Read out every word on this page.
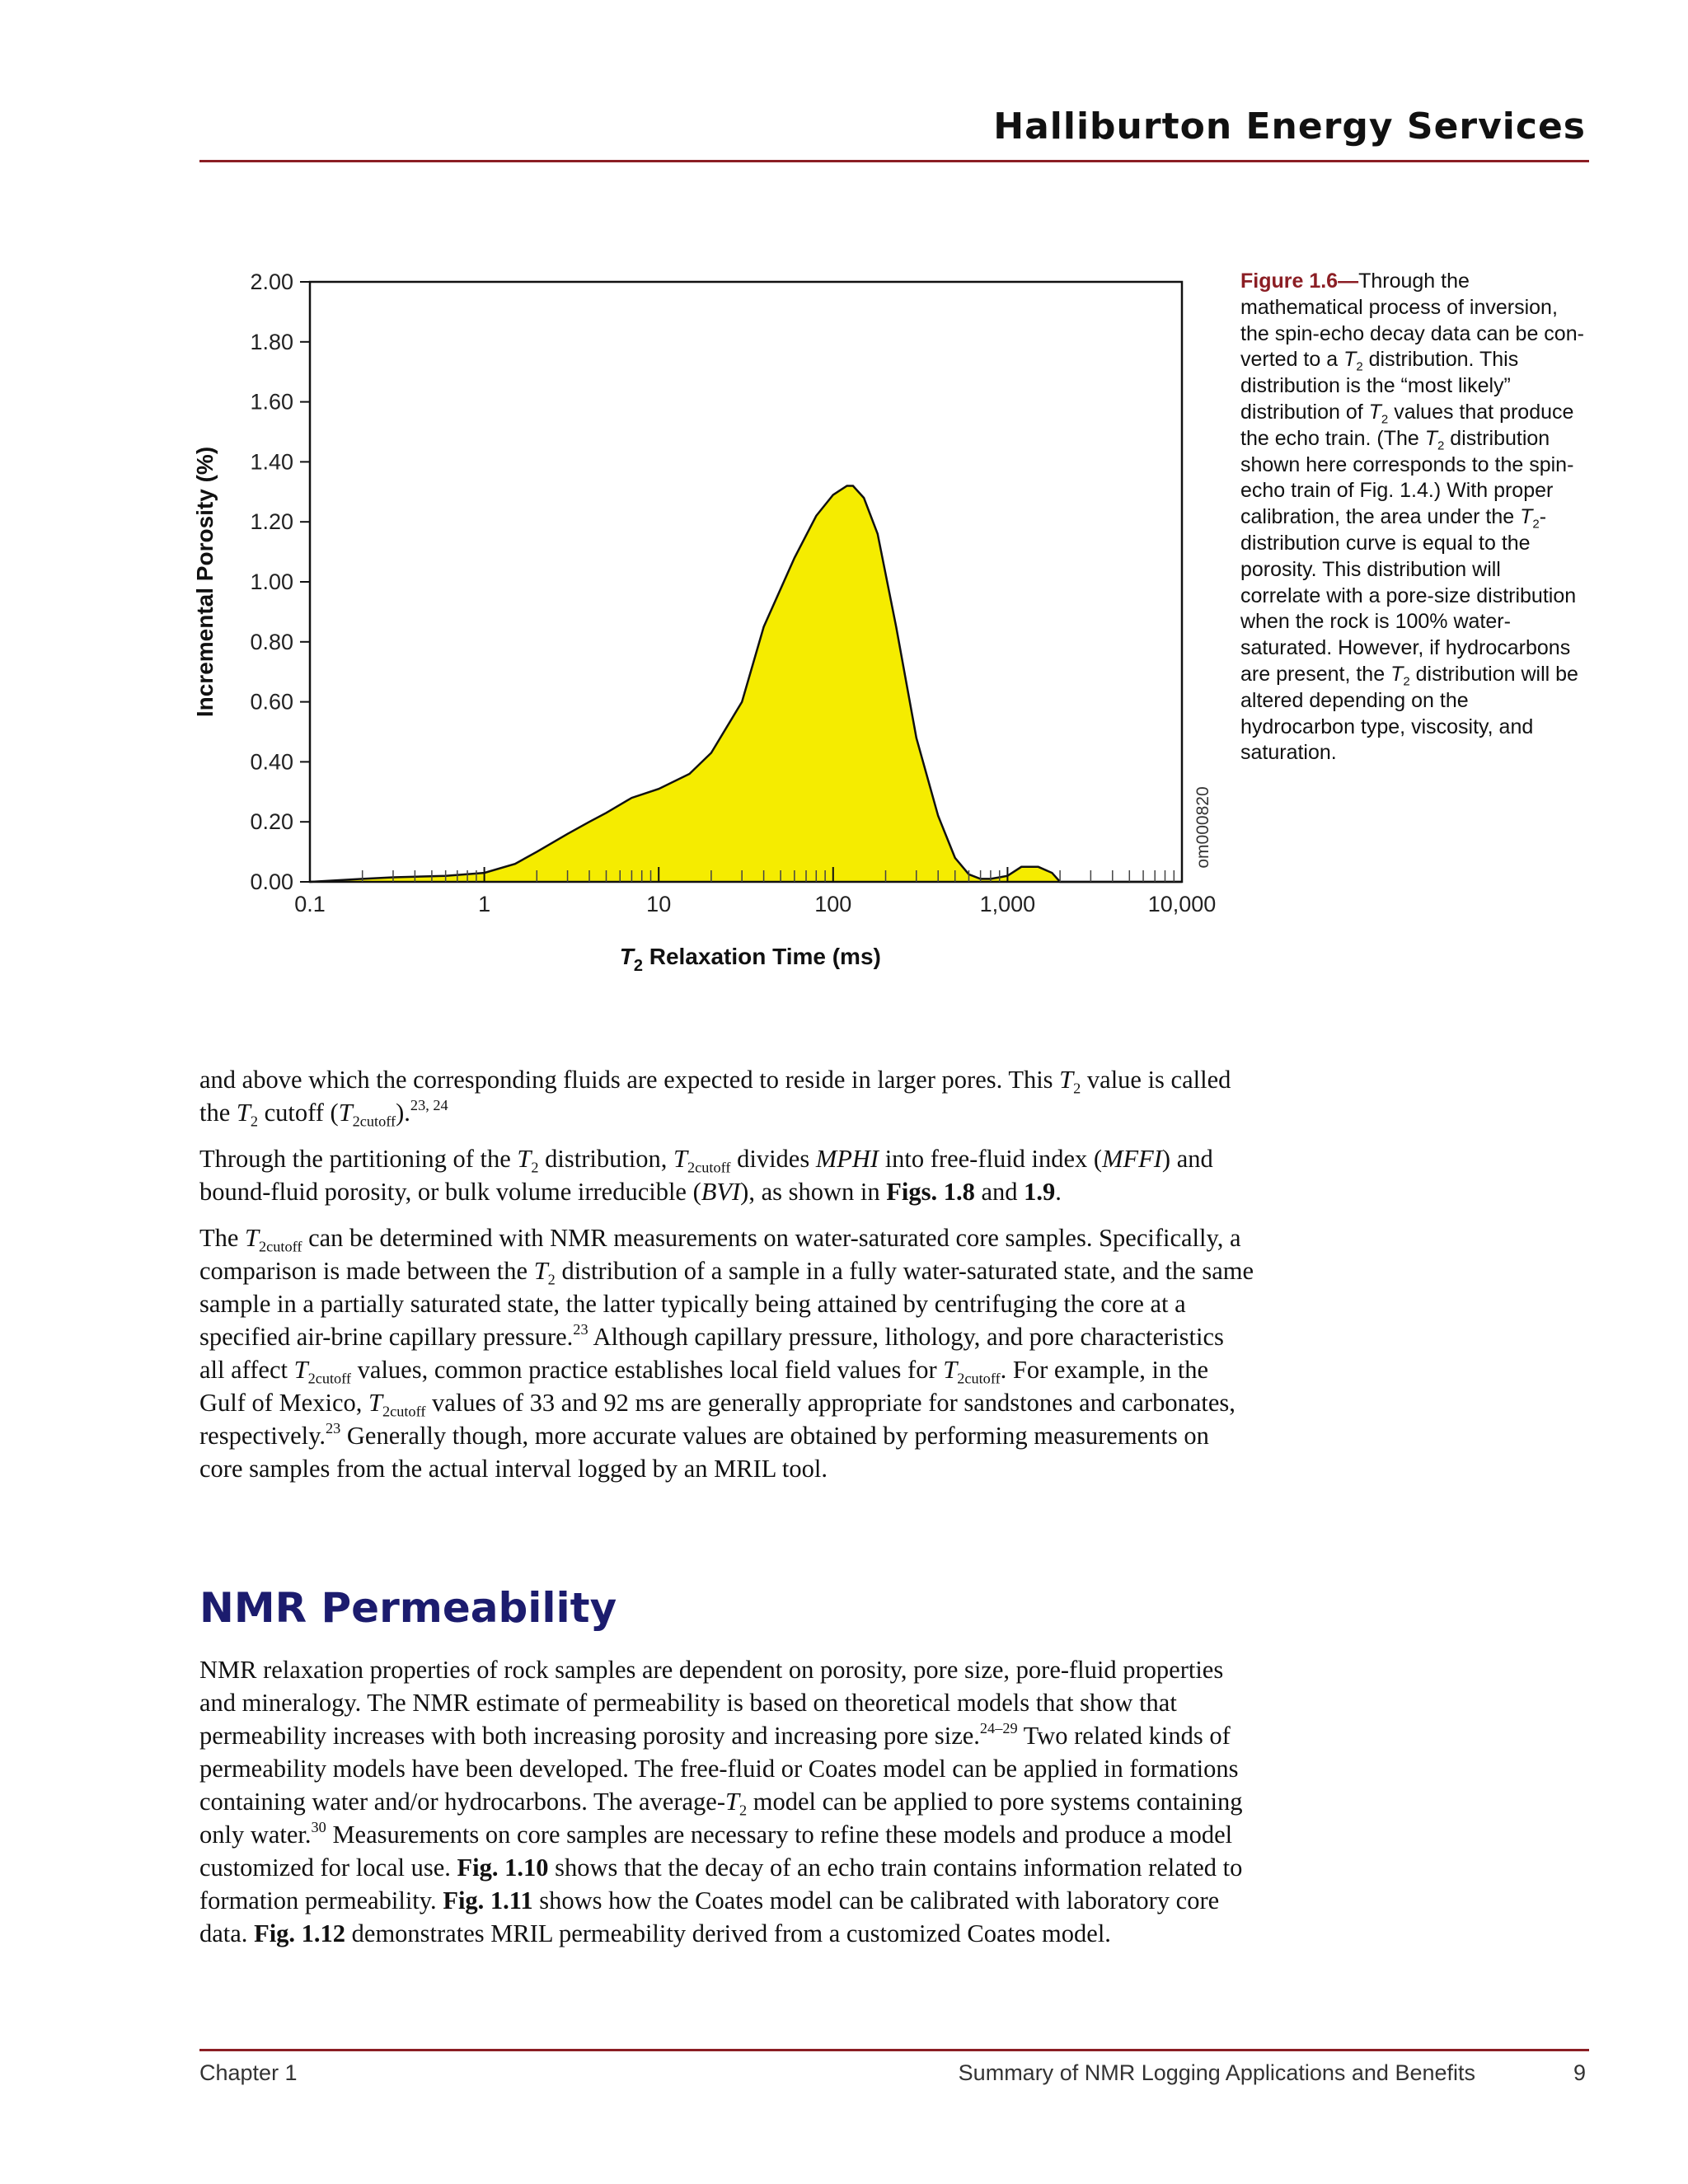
Halliburton Energy Services
0.00
0.20
0.40
0.60
0.80
1.00
1.20
1.40
1.60
1.80
2.00
0.1	1	10	100	1,000	10,000
Incremental Porosity (%)
$T_2$ Relaxation Time (ms)
om000820
Figure 1.6—Through the mathematical process of inversion, the spin-echo decay data can be con-verted to a $T_2$ distribution. This distribution is the “most likely” distribution of $T_2$ values that produce the echo train. (The $T_2$ distribution shown here corresponds to the spin-echo train of Fig. 1.4.) With proper calibration, the area under the $T_2$-distribution curve is equal to the porosity. This distribution will correlate with a pore-size distribution when the rock is 100% water-saturated. However, if hydrocarbons are present, the $T_2$ distribution will be altered depending on the hydrocarbon type, viscosity, and saturation.

and above which the corresponding fluids are expected to reside in larger pores. This $T_2$ value is called the $T_2$ cutoff $(T_{2cutoff}).^{23, 24}$

Through the partitioning of the $T_2$ distribution, $T_{2cutoff}$ divides MPHI into free-fluid index (MFFI) and bound-fluid porosity, or bulk volume irreducible (BVI), as shown in Figs. 1.8 and 1.9.

The $T_{2cutoff}$ can be determined with NMR measurements on water-saturated core samples. Specifically, a comparison is made between the $T_2$ distribution of a sample in a fully water-saturated state, and the same sample in a partially saturated state, the latter typically being attained by centrifuging the core at a specified air-brine capillary pressure.$^{23}$ Although capillary pressure, lithology, and pore characteristics all affect $T_{2cutoff}$ values, common practice establishes local field values for $T_{2cutoff}$. For example, in the Gulf of Mexico, $T_{2cutoff}$ values of 33 and 92 ms are generally appropriate for sandstones and carbonates, respectively.$^{23}$ Generally though, more accurate values are obtained by performing measurements on core samples from the actual interval logged by an MRIL tool.

NMR Permeability

NMR relaxation properties of rock samples are dependent on porosity, pore size, pore-fluid properties and mineralogy. The NMR estimate of permeability is based on theoretical models that show that permeability increases with both increasing porosity and increasing pore size.$^{24-29}$ Two related kinds of permeability models have been developed. The free-fluid or Coates model can be applied in formations containing water and/or hydrocarbons. The average-$T_2$ model can be applied to pore systems containing only water.$^{30}$ Measurements on core samples are necessary to refine these models and produce a model customized for local use. Fig. 1.10 shows that the decay of an echo train contains information related to formation permeability. Fig. 1.11 shows how the Coates model can be calibrated with laboratory core data. Fig. 1.12 demonstrates MRIL permeability derived from a customized Coates model.

Chapter 1	Summary of NMR Logging Applications and Benefits	9
